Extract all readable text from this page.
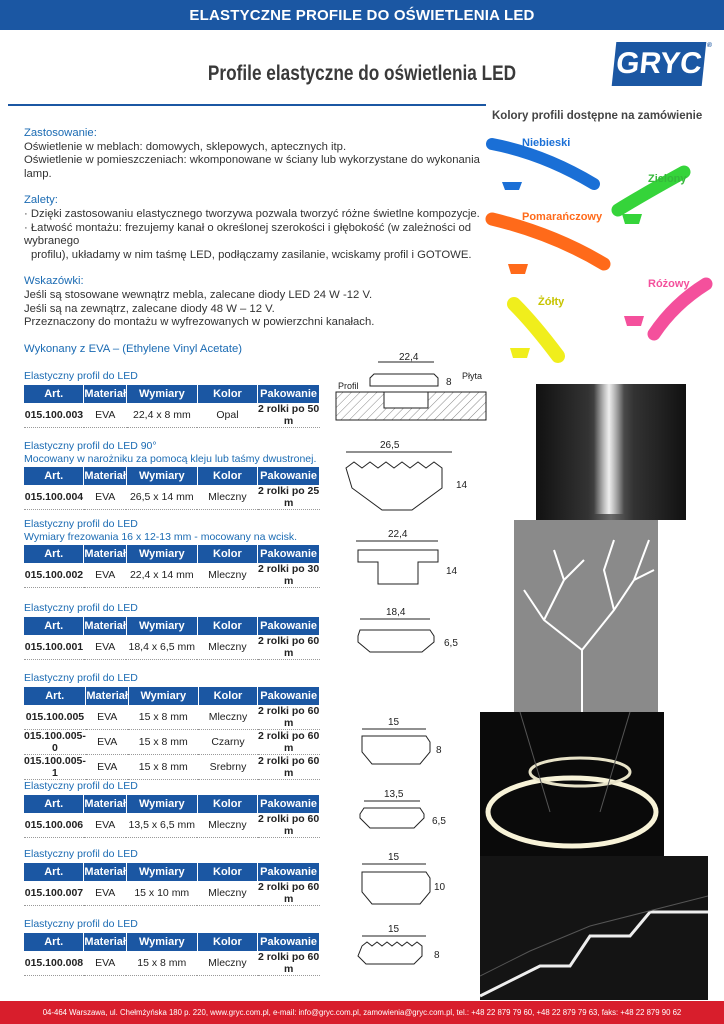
ELASTYCZNE PROFILE DO OŚWIETLENIA LED
Profile elastyczne do oświetlenia LED	GRYC
®
Zastosowanie:
Oświetlenie w meblach: domowych, sklepowych, aptecznych itp.
Oświetlenie w pomieszczeniach: wkomponowane w ściany lub wykorzystane do wykonania lamp.
Zalety:
· Dzięki zastosowaniu elastycznego tworzywa pozwala tworzyć różne świetlne kompozycje.
· Łatwość montażu: frezujemy kanał o określonej szerokości i głębokość (w zależności od wybranego
profilu), układamy w nim taśmę LED, podłączamy zasilanie, wciskamy profil i GOTOWE.
Wskazówki:
Jeśli są stosowane wewnątrz mebla, zalecane diody LED 24 W -12 V.
Jeśli są na zewnątrz, zalecane diody 48 W – 12 V.
Przeznaczony do montażu w wyfrezowanych w powierzchni kanałach.
Wykonany z EVA – (Ethylene Vinyl Acetate)
Kolory profili dostępne na zamówienie
Niebieski
Zielony
Pomarańczowy
Różowy
Żółty
Elastyczny profil do LED
Art.	Materiał	Wymiary	Kolor	Pakowanie
015.100.003	EVA	22,4 x 8 mm	Opal	2 rolki po 50 m
Elastyczny profil do LED 90°
Mocowany w narożniku za pomocą kleju lub taśmy dwustronej.
Art.	Materiał	Wymiary	Kolor	Pakowanie
015.100.004	EVA	26,5 x 14 mm	Mleczny	2 rolki po 25 m
Elastyczny profil do LED
Wymiary frezowania 16 x 12-13 mm - mocowany na wcisk.
Art.	Materiał	Wymiary	Kolor	Pakowanie
015.100.002	EVA	22,4 x 14 mm	Mleczny	2 rolki po 30 m
Elastyczny profil do LED
Art.	Materiał	Wymiary	Kolor	Pakowanie
015.100.001	EVA	18,4 x 6,5 mm	Mleczny	2 rolki po 60 m
Elastyczny profil do LED
Art.	Materiał	Wymiary	Kolor	Pakowanie
015.100.005	EVA	15 x 8 mm	Mleczny	2 rolki po 60 m
015.100.005-0	EVA	15 x 8 mm	Czarny	2 rolki po 60 m
015.100.005-1	EVA	15 x 8 mm	Srebrny	2 rolki po 60 m
Elastyczny profil do LED
Art.	Materiał	Wymiary	Kolor	Pakowanie
015.100.006	EVA	13,5 x 6,5 mm	Mleczny	2 rolki po 60 m
Elastyczny profil do LED
Art.	Materiał	Wymiary	Kolor	Pakowanie
015.100.007	EVA	15 x 10 mm	Mleczny	2 rolki po 60 m
Elastyczny profil do LED
Art.	Materiał	Wymiary	Kolor	Pakowanie
015.100.008	EVA	15 x 8 mm	Mleczny	2 rolki po 60 m
22,4
8
Płyta
Profil
26,5
14
22,4
14
18,4
6,5
15
8
13,5
6,5
15
10
15
8
04-464 Warszawa, ul. Chełmżyńska 180 p. 220, www.gryc.com.pl, e-mail: info@gryc.com.pl, zamowienia@gryc.com.pl, tel.: +48 22 879 79 60, +48 22 879 79 63, faks: +48 22 879 90 62
